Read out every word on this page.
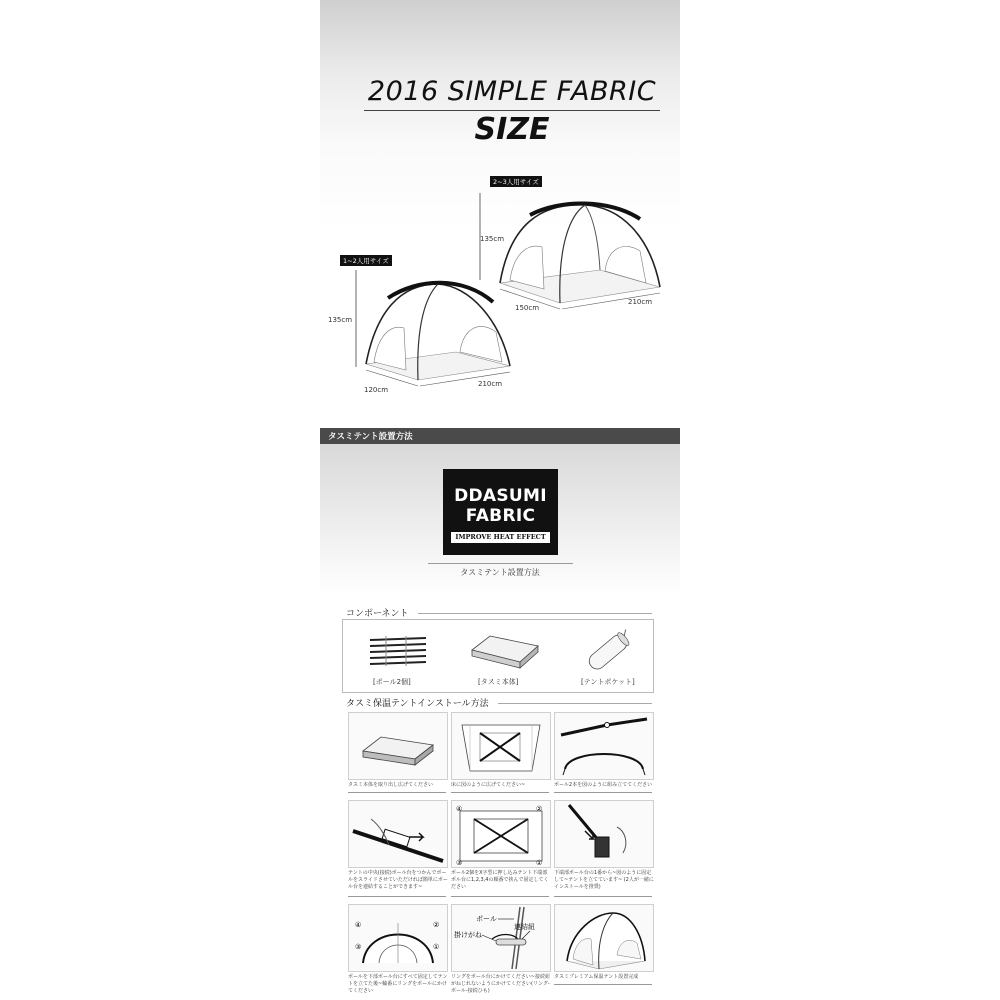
2016 SIMPLE FABRIC
SIZE
2~3人用サイズ
135cm
150cm
210cm
1~2人用サイズ
135cm
120cm
210cm
タスミテント設置方法
DDASUMI
FABRIC
IMPROVE HEAT EFFECT
タスミテント設置方法
コンポーネント
[ポール2個]	[タスミ本体]	[テントポケット]
タスミ保温テントインストール方法
タスミ本体を取り出し広げてください	床に図のように広げてください~	ポール2本を図のように組み立ててください
④	②
③	①
テントの中央(接続)ポール台をつかんでポールをスライドさせていただければ簡単にポール台を連結することができます~
ポール2個をX字型に押し込みテント下端部ポル台に1,2,3,4の順番で挟んで固定してください
下端部ポール台の1番から~図のように固定して~テントを立てています~ (2人が一緒にインストールを推奨)
④	②
③	①
ポール
掛けがね
連結紐
ポールを下部ポール台にすべて固定してテントを立てた後~輪番にリングをポールにかけてください
リングをポール台にかけてください~接続紐がねじれないようにかけてください(リング-ポール-接続ひも)
タスミプレミアム保温テント設置完成
